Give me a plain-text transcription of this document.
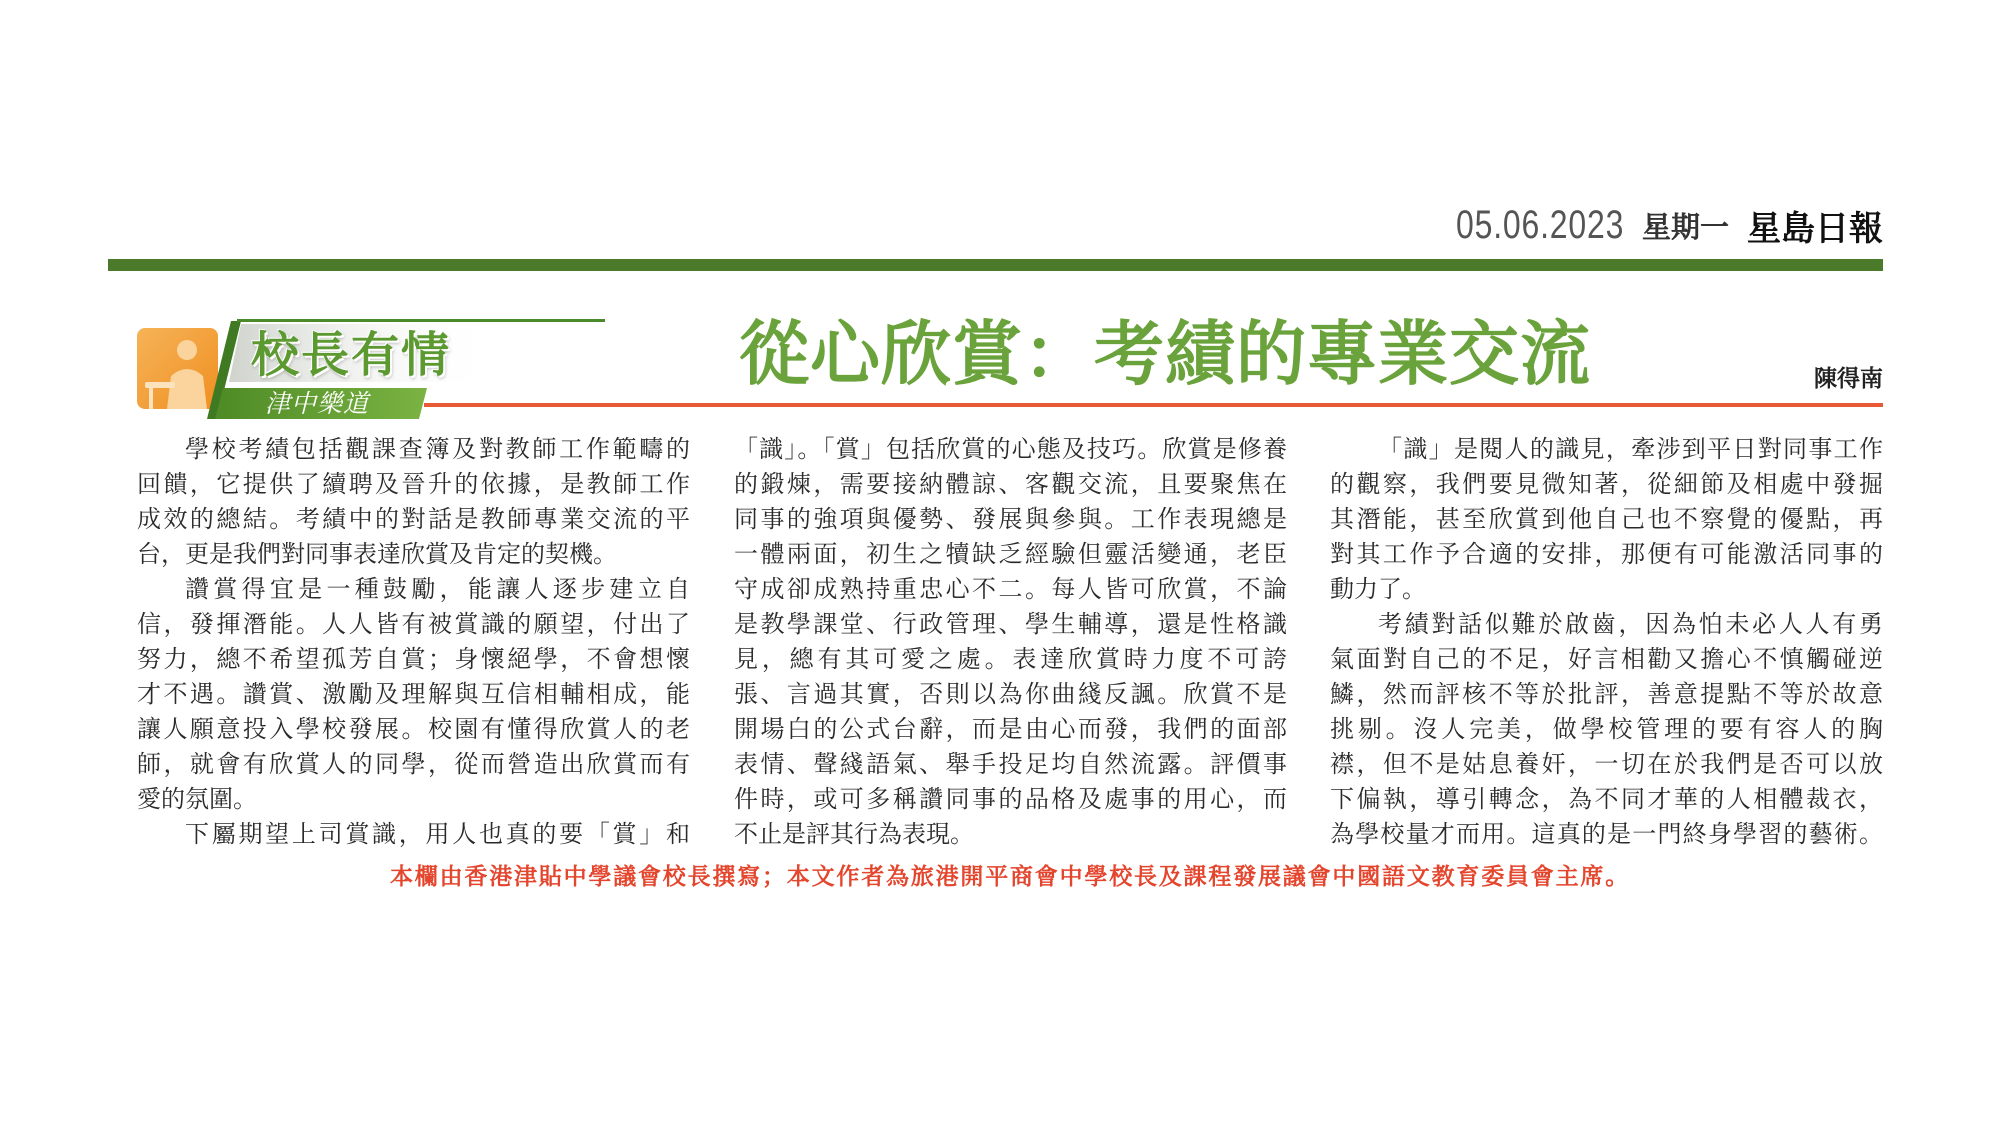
05.06.2023 星期一 星島日報
校長有情
津中樂道
從心欣賞：考績的專業交流	陳得南
學校考績包括觀課查簿及對教師工作範疇的
回饋，它提供了續聘及晉升的依據，是教師工作
成效的總結。考績中的對話是教師專業交流的平
台，更是我們對同事表達欣賞及肯定的契機。
讚賞得宜是一種鼓勵，能讓人逐步建立自
信，發揮潛能。人人皆有被賞識的願望，付出了
努力，總不希望孤芳自賞；身懷絕學，不會想懷
才不遇。讚賞、激勵及理解與互信相輔相成，能
讓人願意投入學校發展。校園有懂得欣賞人的老
師，就會有欣賞人的同學，從而營造出欣賞而有
愛的氛圍。
下屬期望上司賞識，用人也真的要「賞」和
「識」。「賞」包括欣賞的心態及技巧。欣賞是修養
的鍛煉，需要接納體諒、客觀交流，且要聚焦在
同事的強項與優勢、發展與參與。工作表現總是
一體兩面，初生之犢缺乏經驗但靈活變通，老臣
守成卻成熟持重忠心不二。每人皆可欣賞，不論
是教學課堂、行政管理、學生輔導，還是性格識
見，總有其可愛之處。表達欣賞時力度不可誇
張、言過其實，否則以為你曲綫反諷。欣賞不是
開場白的公式台辭，而是由心而發，我們的面部
表情、聲綫語氣、舉手投足均自然流露。評價事
件時，或可多稱讚同事的品格及處事的用心，而
不止是評其行為表現。
「識」是閱人的識見，牽涉到平日對同事工作
的觀察，我們要見微知著，從細節及相處中發掘
其潛能，甚至欣賞到他自己也不察覺的優點，再
對其工作予合適的安排，那便有可能激活同事的
動力了。
考績對話似難於啟齒，因為怕未必人人有勇
氣面對自己的不足，好言相勸又擔心不慎觸碰逆
鱗，然而評核不等於批評，善意提點不等於故意
挑剔。沒人完美，做學校管理的要有容人的胸
襟，但不是姑息養奸，一切在於我們是否可以放
下偏執，導引轉念，為不同才華的人相體裁衣，
為學校量才而用。這真的是一門終身學習的藝術。
本欄由香港津貼中學議會校長撰寫；本文作者為旅港開平商會中學校長及課程發展議會中國語文教育委員會主席。
